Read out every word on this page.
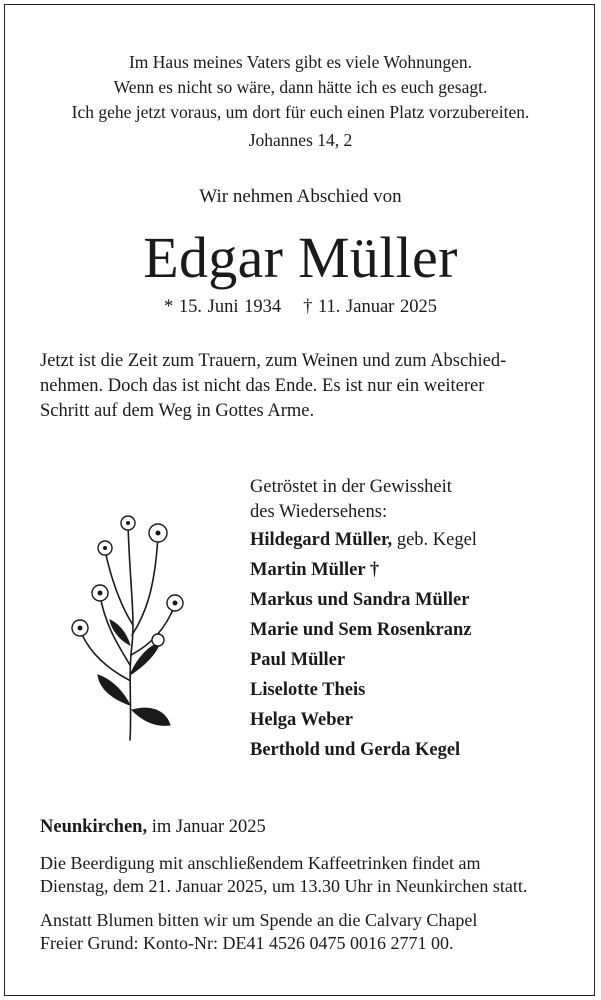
Im Haus meines Vaters gibt es viele Wohnungen.
Wenn es nicht so wäre, dann hätte ich es euch gesagt.
Ich gehe jetzt voraus, um dort für euch einen Platz vorzubereiten.
Johannes 14, 2
Wir nehmen Abschied von
Edgar Müller
* 15. Juni 1934 † 11. Januar 2025
Jetzt ist die Zeit zum Trauern, zum Weinen und zum Abschied-
nehmen. Doch das ist nicht das Ende. Es ist nur ein weiterer
Schritt auf dem Weg in Gottes Arme.
Getröstet in der Gewissheit
des Wiedersehens:
Hildegard Müller, geb. Kegel
Martin Müller †
Markus und Sandra Müller
Marie und Sem Rosenkranz
Paul Müller
Liselotte Theis
Helga Weber
Berthold und Gerda Kegel
Neunkirchen, im Januar 2025
Die Beerdigung mit anschließendem Kaffeetrinken findet am
Dienstag, dem 21. Januar 2025, um 13.30 Uhr in Neunkirchen statt.
Anstatt Blumen bitten wir um Spende an die Calvary Chapel
Freier Grund: Konto-Nr: DE41 4526 0475 0016 2771 00.
